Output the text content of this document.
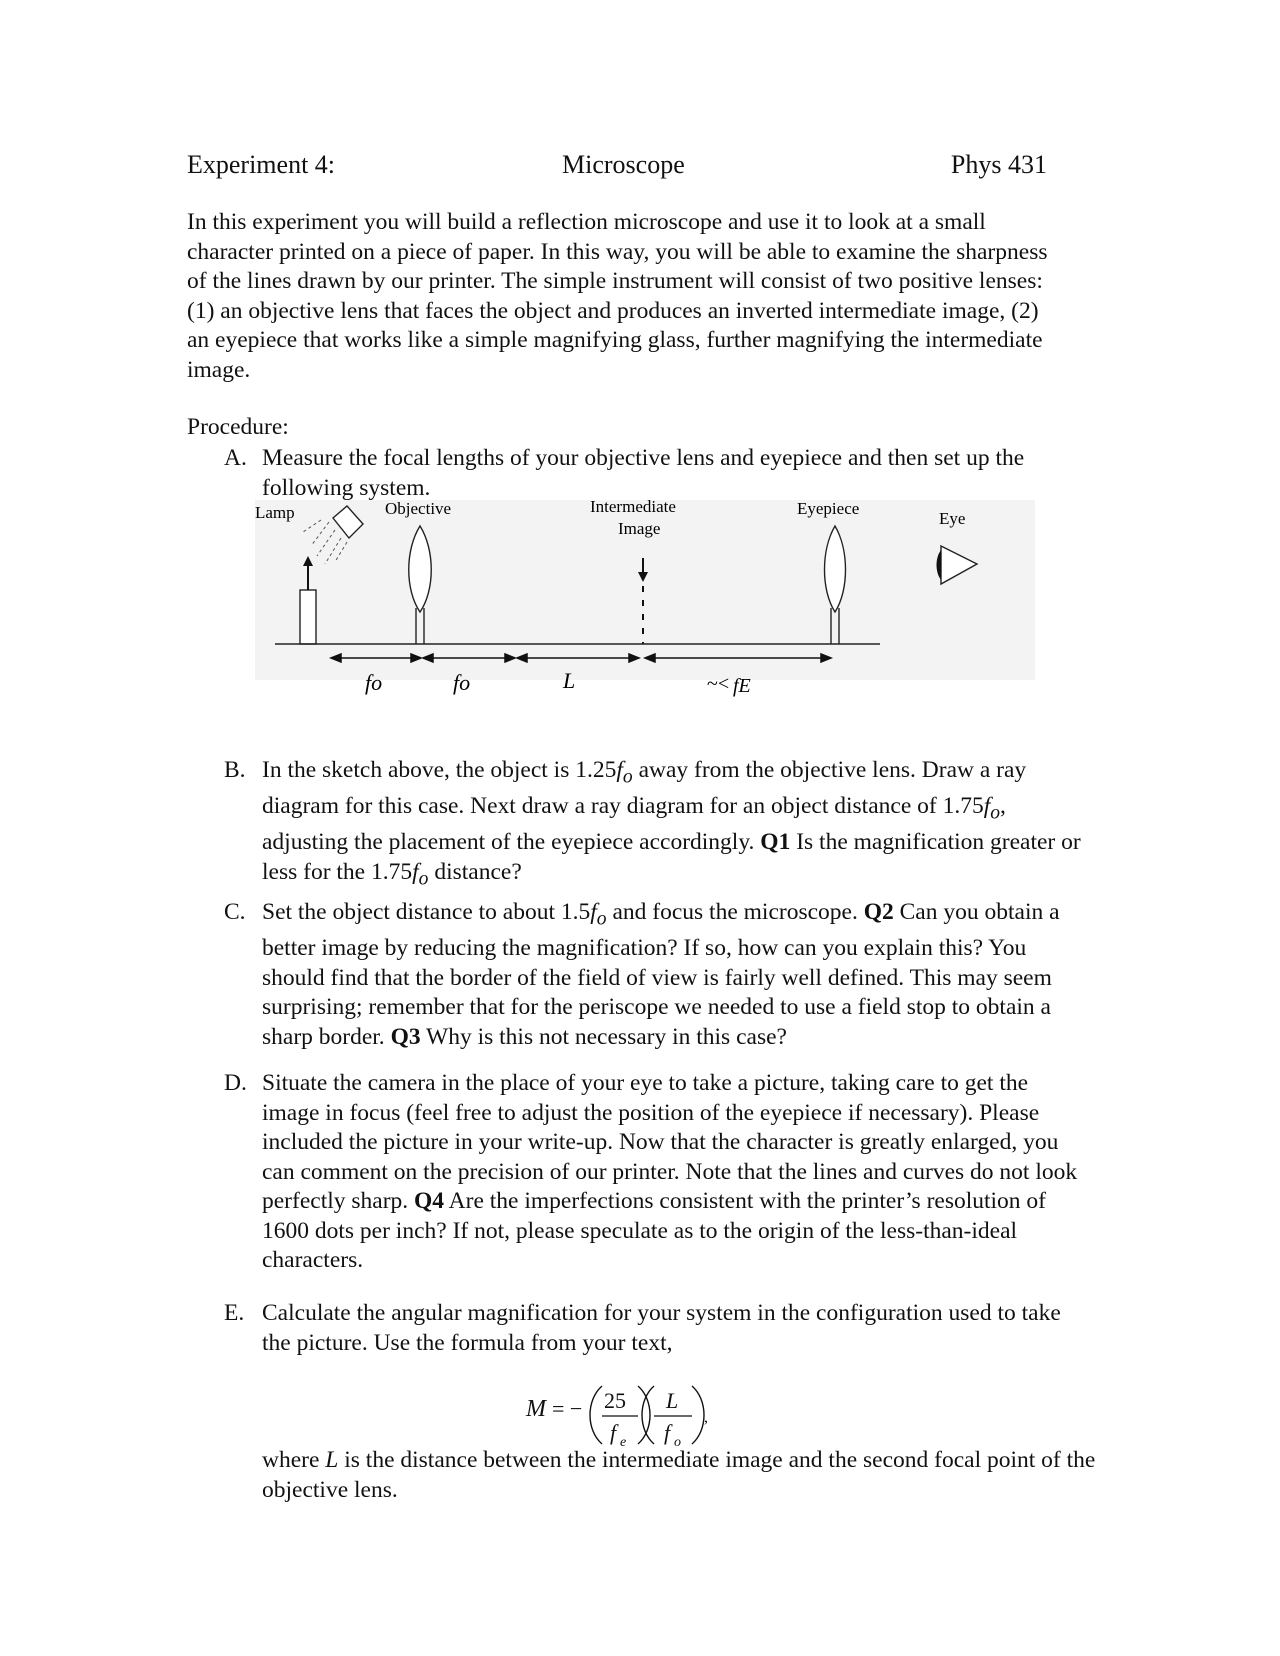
Experiment 4:	Microscope	Phys 431

In this experiment you will build a reflection microscope and use it to look at a small character printed on a piece of paper. In this way, you will be able to examine the sharpness of the lines drawn by our printer. The simple instrument will consist of two positive lenses: (1) an objective lens that faces the object and produces an inverted intermediate image, (2) an eyepiece that works like a simple magnifying glass, further magnifying the intermediate image.

Procedure:
A. Measure the focal lengths of your objective lens and eyepiece and then set up the following system.
Lamp	Objective	Intermediate
Image
Eyepiece
Eye
fo	fo	L	~< fE
B. In the sketch above, the object is $1.25f_o$ away from the objective lens. Draw a ray diagram for this case. Next draw a ray diagram for an object distance of $1.75f_o$, adjusting the placement of the eyepiece accordingly. Q1 Is the magnification greater or less for the $1.75f_o$ distance?
C. Set the object distance to about $1.5f_o$ and focus the microscope. Q2 Can you obtain a better image by reducing the magnification? If so, how can you explain this? You should find that the border of the field of view is fairly well defined. This may seem surprising; remember that for the periscope we needed to use a field stop to obtain a sharp border. Q3 Why is this not necessary in this case?
D. Situate the camera in the place of your eye to take a picture, taking care to get the image in focus (feel free to adjust the position of the eyepiece if necessary). Please included the picture in your write-up. Now that the character is greatly enlarged, you can comment on the precision of our printer. Note that the lines and curves do not look perfectly sharp. Q4 Are the imperfections consistent with the printer’s resolution of 1600 dots per inch? If not, please speculate as to the origin of the less-than-ideal characters.
E. Calculate the angular magnification for your system in the configuration used to take the picture. Use the formula from your text,
M = − 25
f e
L
f o
,
where L is the distance between the intermediate image and the second focal point of the objective lens.
